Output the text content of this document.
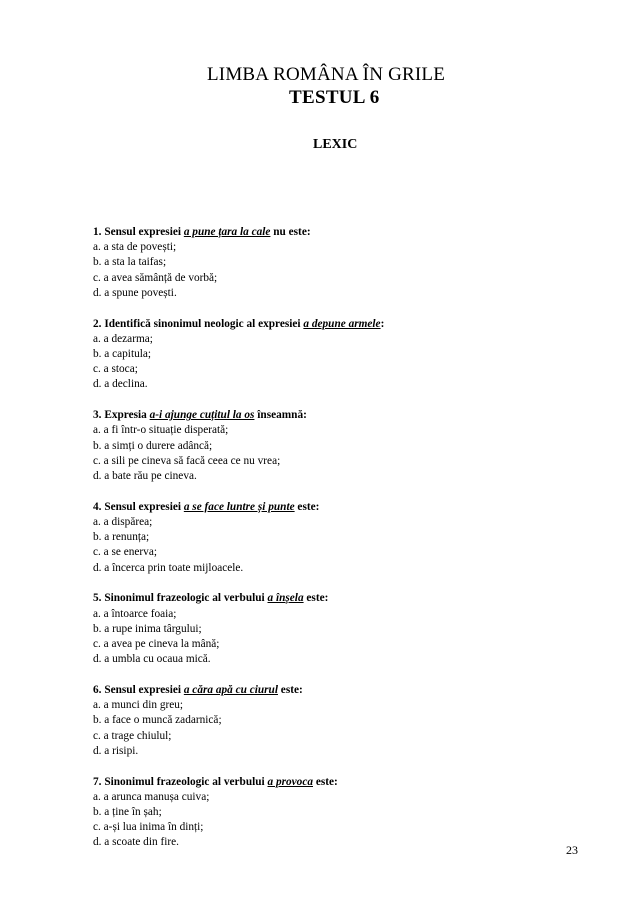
LIMBA ROMÂNA ÎN GRILE
TESTUL 6
LEXIC
1. Sensul expresiei a pune țara la cale nu este:
a. a sta de povești;
b. a sta la taifas;
c. a avea sămânță de vorbă;
d. a spune povești.
2. Identifică sinonimul neologic al expresiei a depune armele:
a. a dezarma;
b. a capitula;
c. a stoca;
d. a declina.
3. Expresia a-i ajunge cuțitul la os înseamnă:
a. a fi într-o situație disperată;
b. a simți o durere adâncă;
c. a sili pe cineva să facă ceea ce nu vrea;
d. a bate rău pe cineva.
4. Sensul expresiei a se face luntre și punte este:
a. a dispărea;
b. a renunța;
c. a se enerva;
d. a încerca prin toate mijloacele.
5. Sinonimul frazeologic al verbului a înșela este:
a. a întoarce foaia;
b. a rupe inima târgului;
c. a avea pe cineva la mână;
d. a umbla cu ocaua mică.
6. Sensul expresiei a căra apă cu ciurul este:
a. a munci din greu;
b. a face o muncă zadarnică;
c. a trage chiulul;
d. a risipi.
7. Sinonimul frazeologic al verbului a provoca este:
a. a arunca manușa cuiva;
b. a ține în șah;
c. a-și lua inima în dinți;
d. a scoate din fire.
23
